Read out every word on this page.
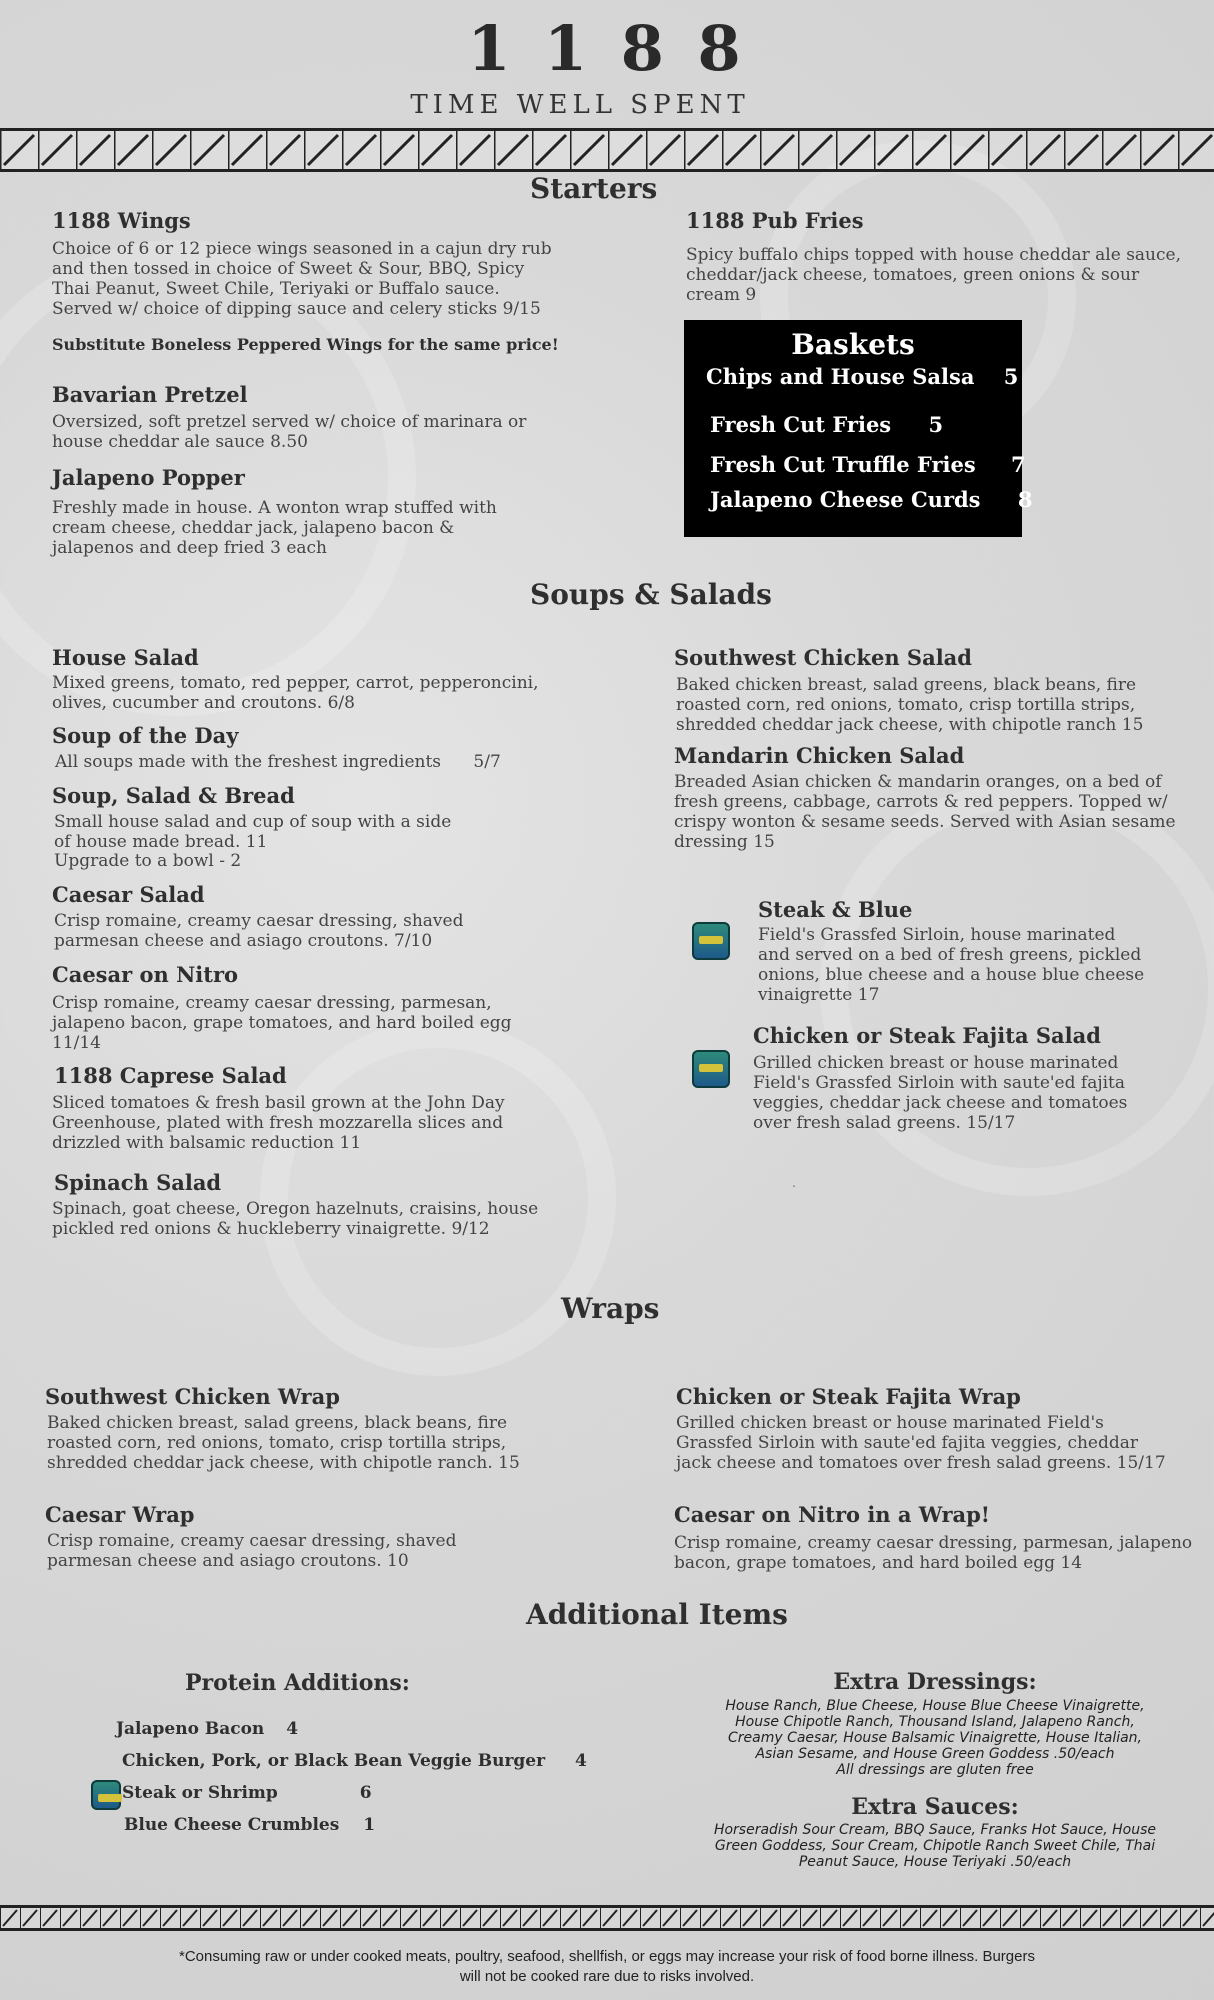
1 1 8 8
TIME WELL SPENT
Starters
1188 Wings
Choice of 6 or 12 piece wings seasoned in a cajun dry rub and then tossed in choice of Sweet & Sour, BBQ, Spicy Thai Peanut, Sweet Chile, Teriyaki or Buffalo sauce. Served w/ choice of dipping sauce and celery sticks 9/15
Substitute Boneless Peppered Wings for the same price!
Bavarian Pretzel
Oversized, soft pretzel served w/ choice of marinara or house cheddar ale sauce 8.50
Jalapeno Popper
Freshly made in house. A wonton wrap stuffed with cream cheese, cheddar jack, jalapeno bacon & jalapenos and deep fried 3 each
1188 Pub Fries
Spicy buffalo chips topped with house cheddar ale sauce, cheddar/jack cheese, tomatoes, green onions & sour cream 9
Baskets
Chips and House Salsa 5
Fresh Cut Fries 5
Fresh Cut Truffle Fries 7
Jalapeno Cheese Curds 8
Soups & Salads
House Salad
Mixed greens, tomato, red pepper, carrot, pepperoncini, olives, cucumber and croutons. 6/8
Soup of the Day
All soups made with the freshest ingredients      5/7
Soup, Salad & Bread
Small house salad and cup of soup with a side of house made bread. 11
Upgrade to a bowl - 2
Caesar Salad
Crisp romaine, creamy caesar dressing, shaved parmesan cheese and asiago croutons. 7/10
Caesar on Nitro
Crisp romaine, creamy caesar dressing, parmesan, jalapeno bacon, grape tomatoes, and hard boiled egg 11/14
1188 Caprese Salad
Sliced tomatoes & fresh basil grown at the John Day Greenhouse, plated with fresh mozzarella slices and drizzled with balsamic reduction 11
Spinach Salad
Spinach, goat cheese, Oregon hazelnuts, craisins, house pickled red onions & huckleberry vinaigrette. 9/12
Southwest Chicken Salad
Baked chicken breast, salad greens, black beans, fire roasted corn, red onions, tomato, crisp tortilla strips, shredded cheddar jack cheese, with chipotle ranch 15
Mandarin Chicken Salad
Breaded Asian chicken & mandarin oranges, on a bed of fresh greens, cabbage, carrots & red peppers. Topped w/ crispy wonton & sesame seeds. Served with Asian sesame dressing 15
Steak & Blue
Field's Grassfed Sirloin, house marinated and served on a bed of fresh greens, pickled onions, blue cheese and a house blue cheese vinaigrette 17
Chicken or Steak Fajita Salad
Grilled chicken breast or house marinated Field's Grassfed Sirloin with saute'ed fajita veggies, cheddar jack cheese and tomatoes over fresh salad greens. 15/17
.
Wraps
Southwest Chicken Wrap
Baked chicken breast, salad greens, black beans, fire roasted corn, red onions, tomato, crisp tortilla strips, shredded cheddar jack cheese, with chipotle ranch. 15
Caesar Wrap
Crisp romaine, creamy caesar dressing, shaved parmesan cheese and asiago croutons. 10
Chicken or Steak Fajita Wrap
Grilled chicken breast or house marinated Field's Grassfed Sirloin with saute'ed fajita veggies, cheddar jack cheese and tomatoes over fresh salad greens. 15/17
Caesar on Nitro in a Wrap!
Crisp romaine, creamy caesar dressing, parmesan, jalapeno bacon, grape tomatoes, and hard boiled egg 14
Additional Items
Protein Additions:
Jalapeno Bacon 4
Chicken, Pork, or Black Bean Veggie Burger 4
Steak or Shrimp	6
Blue Cheese Crumbles 1
Extra Dressings:
House Ranch, Blue Cheese, House Blue Cheese Vinaigrette,
House Chipotle Ranch, Thousand Island, Jalapeno Ranch,
Creamy Caesar, House Balsamic Vinaigrette, House Italian,
Asian Sesame, and House Green Goddess .50/each
All dressings are gluten free
Extra Sauces:
Horseradish Sour Cream, BBQ Sauce, Franks Hot Sauce, House
Green Goddess, Sour Cream, Chipotle Ranch Sweet Chile, Thai
Peanut Sauce, House Teriyaki .50/each
*Consuming raw or under cooked meats, poultry, seafood, shellfish, or eggs may increase your risk of food borne illness. Burgers
will not be cooked rare due to risks involved.
